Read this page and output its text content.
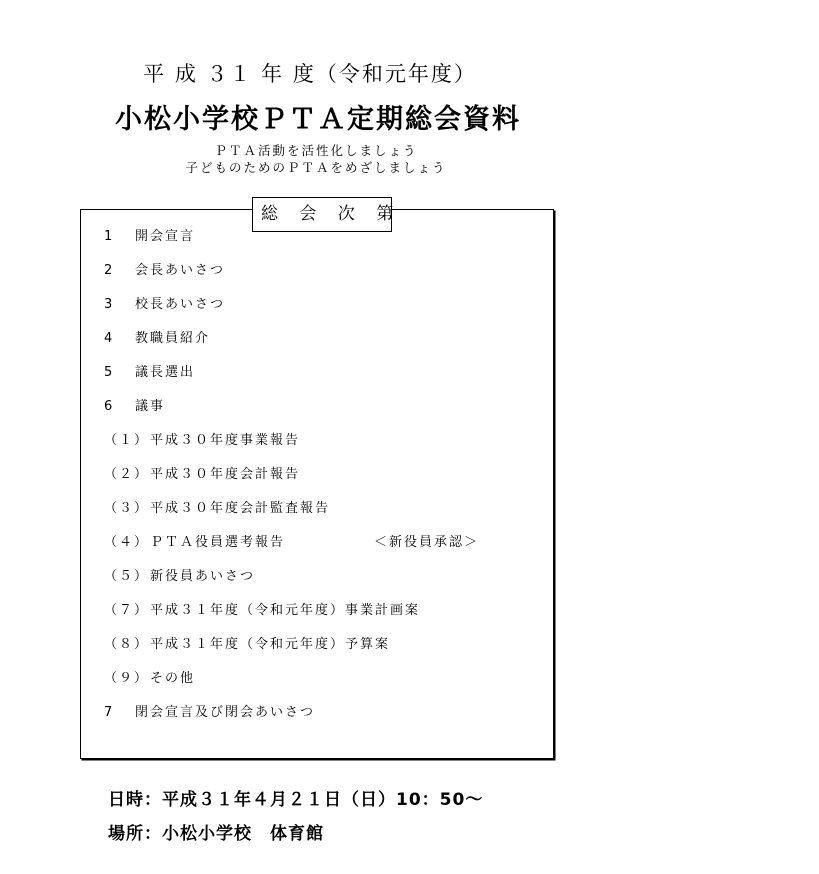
平 成 ３１ 年 度（令和元年度）
小松小学校ＰＴＡ定期総会資料
ＰＴＡ活動を活性化しましょう
子どものためのＰＴＡをめざしましょう
総 会 次 第
1 開会宣言
2 会長あいさつ
3 校長あいさつ
4 教職員紹介
5 議長選出
6 議事
（１）平成３０年度事業報告
（２）平成３０年度会計報告
（３）平成３０年度会計監査報告
（４）ＰＴＡ役員選考報告	＜新役員承認＞
（５）新役員あいさつ
（７）平成３１年度（令和元年度）事業計画案
（８）平成３１年度（令和元年度）予算案
（９）その他
7 閉会宣言及び閉会あいさつ
日時：平成３１年４月２１日（日）10：50～
場所：小松小学校　体育館
